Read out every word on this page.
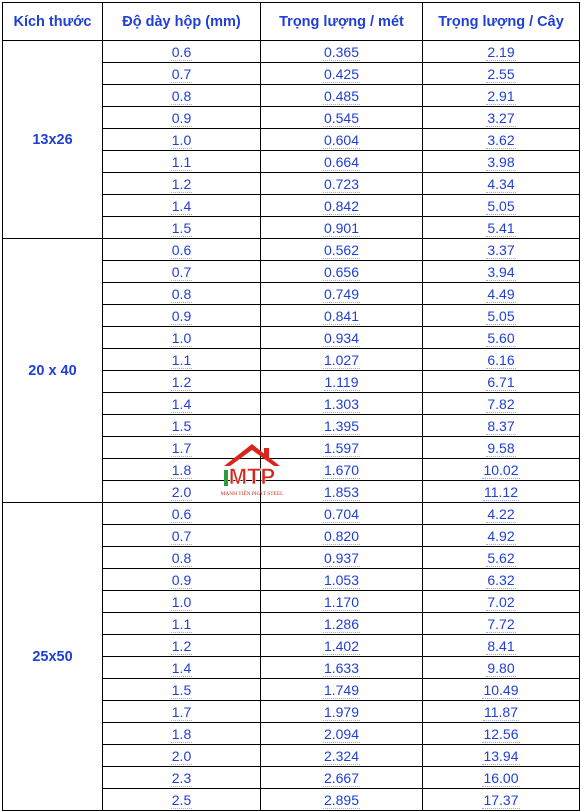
Kích thước	Độ dày hộp (mm)	Trọng lượng / mét	Trọng lượng / Cây
13x26	0.6	0.365	2.19
	0.7	0.425	2.55
	0.8	0.485	2.91
	0.9	0.545	3.27
	1.0	0.604	3.62
	1.1	0.664	3.98
	1.2	0.723	4.34
	1.4	0.842	5.05
	1.5	0.901	5.41
20 x 40	0.6	0.562	3.37
	0.7	0.656	3.94
	0.8	0.749	4.49
	0.9	0.841	5.05
	1.0	0.934	5.60
	1.1	1.027	6.16
	1.2	1.119	6.71
	1.4	1.303	7.82
	1.5	1.395	8.37
	1.7	1.597	9.58
	1.8	1.670	10.02
	2.0	1.853	11.12
25x50	0.6	0.704	4.22
	0.7	0.820	4.92
	0.8	0.937	5.62
	0.9	1.053	6.32
	1.0	1.170	7.02
	1.1	1.286	7.72
	1.2	1.402	8.41
	1.4	1.633	9.80
	1.5	1.749	10.49
	1.7	1.979	11.87
	1.8	2.094	12.56
	2.0	2.324	13.94
	2.3	2.667	16.00
	2.5	2.895	17.37
MTP
MẠNH TIẾN PHÁT STEEL
